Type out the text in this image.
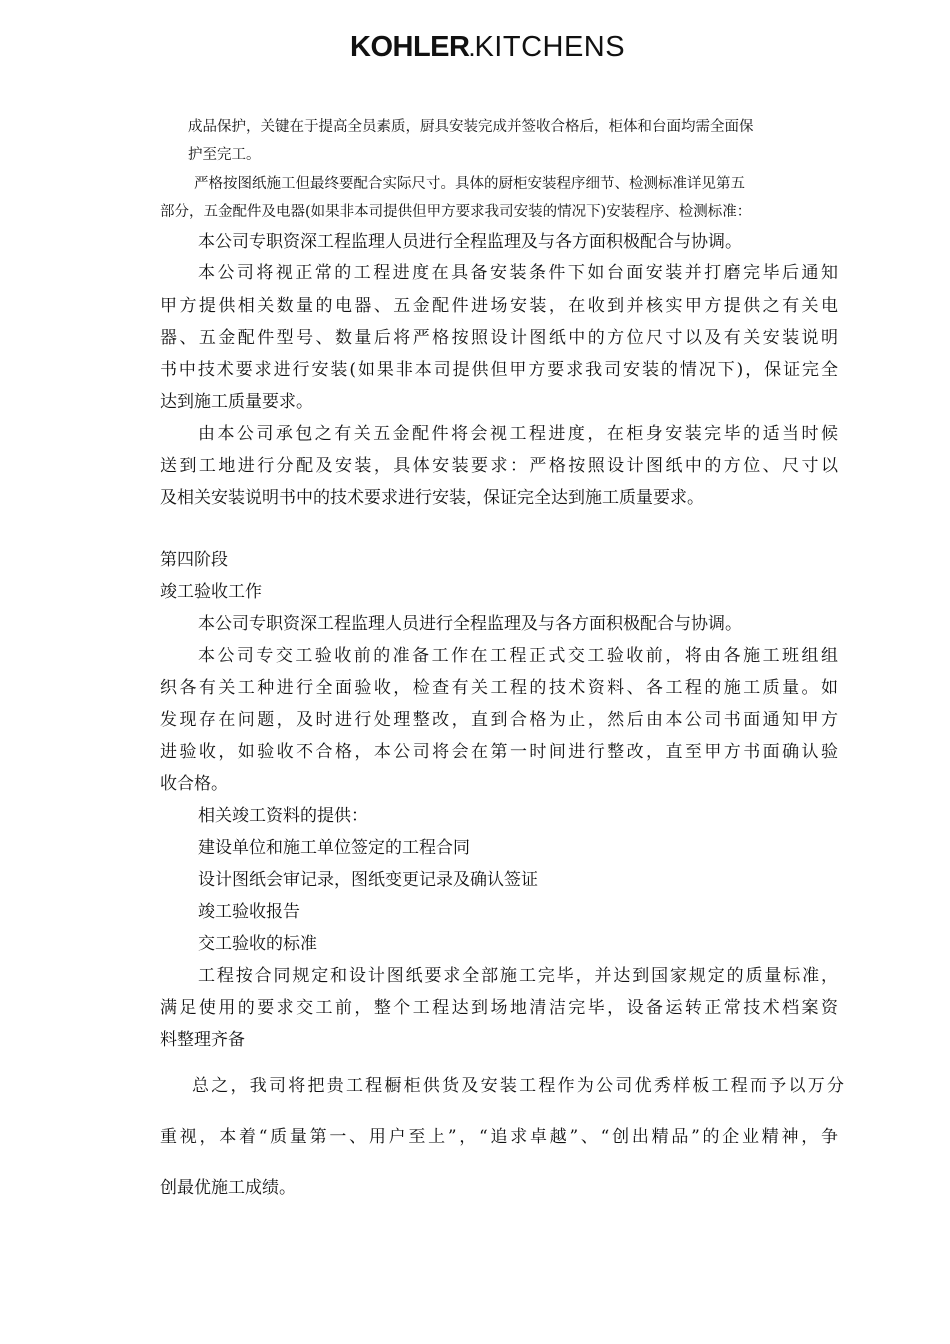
KOHLER.KITCHENS
成品保护，关键在于提高全员素质，厨具安装完成并签收合格后，柜体和台面均需全面保
护至完工。
严格按图纸施工但最终要配合实际尺寸。具体的厨柜安装程序细节、检测标准详见第五
部分，五金配件及电器(如果非本司提供但甲方要求我司安装的情况下)安装程序、检测标准：
本公司专职资深工程监理人员进行全程监理及与各方面积极配合与协调。
本公司将视正常的工程进度在具备安装条件下如台面安装并打磨完毕后通知
甲方提供相关数量的电器、五金配件进场安装，在收到并核实甲方提供之有关电
器、五金配件型号、数量后将严格按照设计图纸中的方位尺寸以及有关安装说明
书中技术要求进行安装(如果非本司提供但甲方要求我司安装的情况下)，保证完全
达到施工质量要求。
由本公司承包之有关五金配件将会视工程进度，在柜身安装完毕的适当时候
送到工地进行分配及安装，具体安装要求：严格按照设计图纸中的方位、尺寸以
及相关安装说明书中的技术要求进行安装，保证完全达到施工质量要求。
第四阶段
竣工验收工作
本公司专职资深工程监理人员进行全程监理及与各方面积极配合与协调。
本公司专交工验收前的准备工作在工程正式交工验收前，将由各施工班组组
织各有关工种进行全面验收，检查有关工程的技术资料、各工程的施工质量。如
发现存在问题，及时进行处理整改，直到合格为止，然后由本公司书面通知甲方
进验收，如验收不合格，本公司将会在第一时间进行整改，直至甲方书面确认验
收合格。
相关竣工资料的提供：
建设单位和施工单位签定的工程合同
设计图纸会审记录，图纸变更记录及确认签证
竣工验收报告
交工验收的标准
工程按合同规定和设计图纸要求全部施工完毕，并达到国家规定的质量标准，
满足使用的要求交工前，整个工程达到场地清洁完毕，设备运转正常技术档案资
料整理齐备
总之，我司将把贵工程橱柜供货及安装工程作为公司优秀样板工程而予以万分
重视，本着“质量第一、用户至上”，“追求卓越”、“创出精品”的企业精神，争
创最优施工成绩。
